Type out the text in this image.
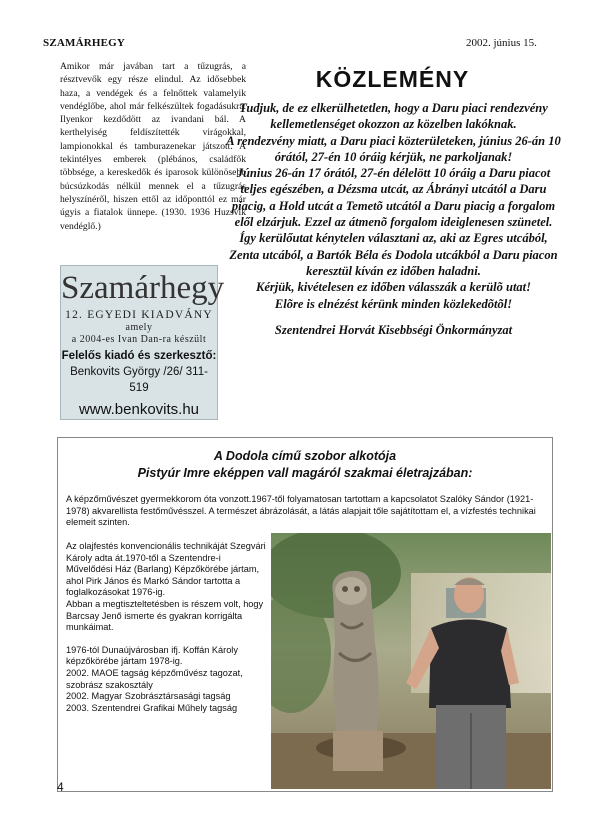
SZAMÁRHEGY	2002. június 15.
Amikor már javában tart a tűzugrás, a résztvevők egy része elindul. Az idősebbek haza, a vendégek és a felnőttek valamelyik vendéglőbe, ahol már felkészültek fogadásukra. Ilyenkor kezdődött az ivandani bál. A kerthelyiség feldíszítették virágokkal, lampionokkal és tamburazenekar játszott. A tekintélyes emberek (plébános, családfők többsége, a kereskedők és iparosok különösebb búcsúzkodás nélkül mennek el a tűzugrás helyszínéről, hiszen ettől az időponttól ez már úgyis a fiatalok ünnepe. (1930. 1936 Huzsvik vendéglő.)
Szamárhegy
12. EGYEDI KIADVÁNY
amely
a 2004-es Ivan Dan-ra készült
Felelős kiadó és szerkesztő:
Benkovits György /26/ 311-519
www.benkovits.hu
KÖZLEMÉNY

Tudjuk, de ez elkerülhetetlen, hogy a Daru piaci rendezvény kellemetlenséget okozzon az közelben lakóknak.

A rendezvény miatt, a Daru piaci közterületeken, június 26-án 10 órától, 27-én 10 óráig kérjük, ne parkoljanak!

Június 26-án 17 órától, 27-én délelött 10 óráig a Daru piacot teljes egészében, a Dézsma utcát, az Ábrányi utcától a Daru piacig, a Hold utcát a Temetõ utcától a Daru piacig a forgalom elől elzárjuk. Ezzel az átmenõ forgalom ideiglenesen szünetel. Így kerülőutat kénytelen választani az, aki az Egres utcából, Zenta utcából, a Bartók Béla és Dodola utcákból a Daru piacon keresztül kíván ez időben haladni.

Kérjük, kivételesen ez időben válasszák a kerülõ utat!

Elõre is elnézést kérünk minden közlekedõtõl!

Szentendrei Horvát Kisebbségi Önkormányzat

A Dodola című szobor alkotója
Pistyúr Imre eképpen vall magáról szakmai életrajzában:

A képzőművészet gyermekkorom óta vonzott.1967-től folyamatosan tartottam a kapcsolatot Szalóky Sándor (1921-1978) akvarellista festőművésszel. A természet ábrázolását, a látás alapjait tőle sajátítottam el, a vízfestés technikai elemeit szinten.

Az olajfestés konvencionális technikáját Szegvári Károly adta át.1970-től a Szentendre-i Művelődési Ház (Barlang) Képzőkörébe jártam, ahol Pirk János és Markó Sándor tartotta a foglalkozásokat 1976-ig.

Abban a megtiszteltetésben is részem volt, hogy Barcsay Jenő ismerte és gyakran korrigálta munkáimat.

1976-tól Dunaújvárosban ifj. Koffán Károly képzőkörébe jártam 1978-ig.

2002. MAOE tagság képzőművész tagozat, szobrász szakosztály

2002. Magyar Szobrásztársasági tagság

2003. Szentendrei Grafikai Műhely tagság

4
